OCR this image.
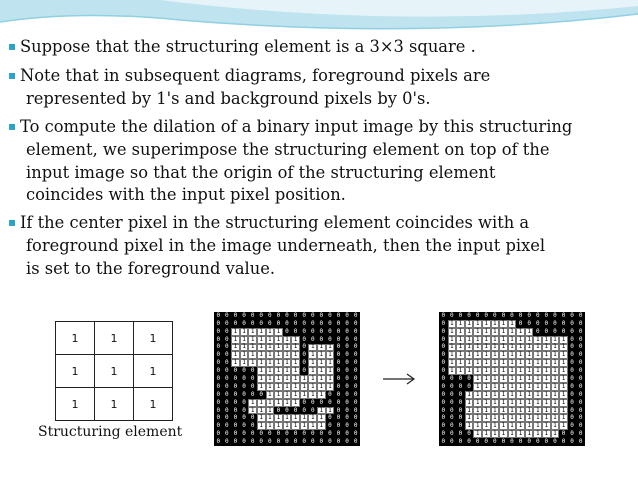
▪ Suppose that the structuring element is a 3×3 square .

▪ Note that in subsequent diagrams, foreground pixels are
represented by 1's and background pixels by 0's.

▪ To compute the dilation of a binary input image by this structuring
element, we superimpose the structuring element on top of the
input image so that the origin of the structuring element
coincides with the input pixel position.

▪ If the center pixel in the structuring element coincides with a
foreground pixel in the image underneath, then the input pixel
is set to the foreground value.

1	1	1
1	1	1
1	1	1
Structuring element
0 0 0 0 0 0 0 0 0 0 0 0 0 0 0 0 0
0 0 0 0 0 0 0 0 0 0 0 0 0 0 0 0 0
0 0 1 1 1 1 1 1 0 0 0 0 0 0 0 0 0
0 0 1 1 1 1 1 1 1 1 0 0 0 0 0 0 0
0 0 1 1 1 1 1 1 1 1 0 1 1 1 0 0 0
0 0 1 1 1 1 1 1 1 1 0 1 1 1 0 0 0
0 0 1 1 1 1 1 1 1 1 0 1 1 1 0 0 0
0 0 0 0 0 1 1 1 1 1 0 1 1 1 0 0 0
0 0 0 0 0 1 1 1 1 1 1 1 1 1 0 0 0
0 0 0 0 0 1 1 1 1 1 1 1 1 1 0 0 0
0 0 0 0 0 0 1 1 1 1 1 1 1 0 0 0 0
0 0 0 0 1 1 1 1 1 1 0 0 0 0 0 0 0
0 0 0 0 1 1 1 0 0 0 0 0 1 1 0 0 0
0 0 0 0 0 1 1 1 1 1 1 1 1 0 0 0 0
0 0 0 0 0 1 1 1 1 1 1 1 1 0 0 0 0
0 0 0 0 0 0 0 0 0 0 0 0 0 0 0 0 0
0 0 0 0 0 0 0 0 0 0 0 0 0 0 0 0 0
0 0 0 0 0 0 0 0 0 0 0 0 0 0 0 0 0
0 1 1 1 1 1 1 1 1 0 0 0 0 0 0 0 0
0 1 1 1 1 1 1 1 1 1 1 0 0 0 0 0 0
0 1 1 1 1 1 1 1 1 1 1 1 1 1 1 0 0
0 1 1 1 1 1 1 1 1 1 1 1 1 1 1 0 0
0 1 1 1 1 1 1 1 1 1 1 1 1 1 1 0 0
0 1 1 1 1 1 1 1 1 1 1 1 1 1 1 0 0
0 1 1 1 1 1 1 1 1 1 1 1 1 1 1 0 0
0 0 0 0 1 1 1 1 1 1 1 1 1 1 1 0 0
0 0 0 0 1 1 1 1 1 1 1 1 1 1 1 0 0
0 0 0 1 1 1 1 1 1 1 1 1 1 1 1 0 0
0 0 0 1 1 1 1 1 1 1 1 1 1 1 1 0 0
0 0 0 1 1 1 1 1 1 1 1 1 1 1 1 0 0
0 0 0 1 1 1 1 1 1 1 1 1 1 1 1 0 0
0 0 0 1 1 1 1 1 1 1 1 1 1 1 1 0 0
0 0 0 0 1 1 1 1 1 1 1 1 1 1 0 0 0
0 0 0 0 0 0 0 0 0 0 0 0 0 0 0 0 0
